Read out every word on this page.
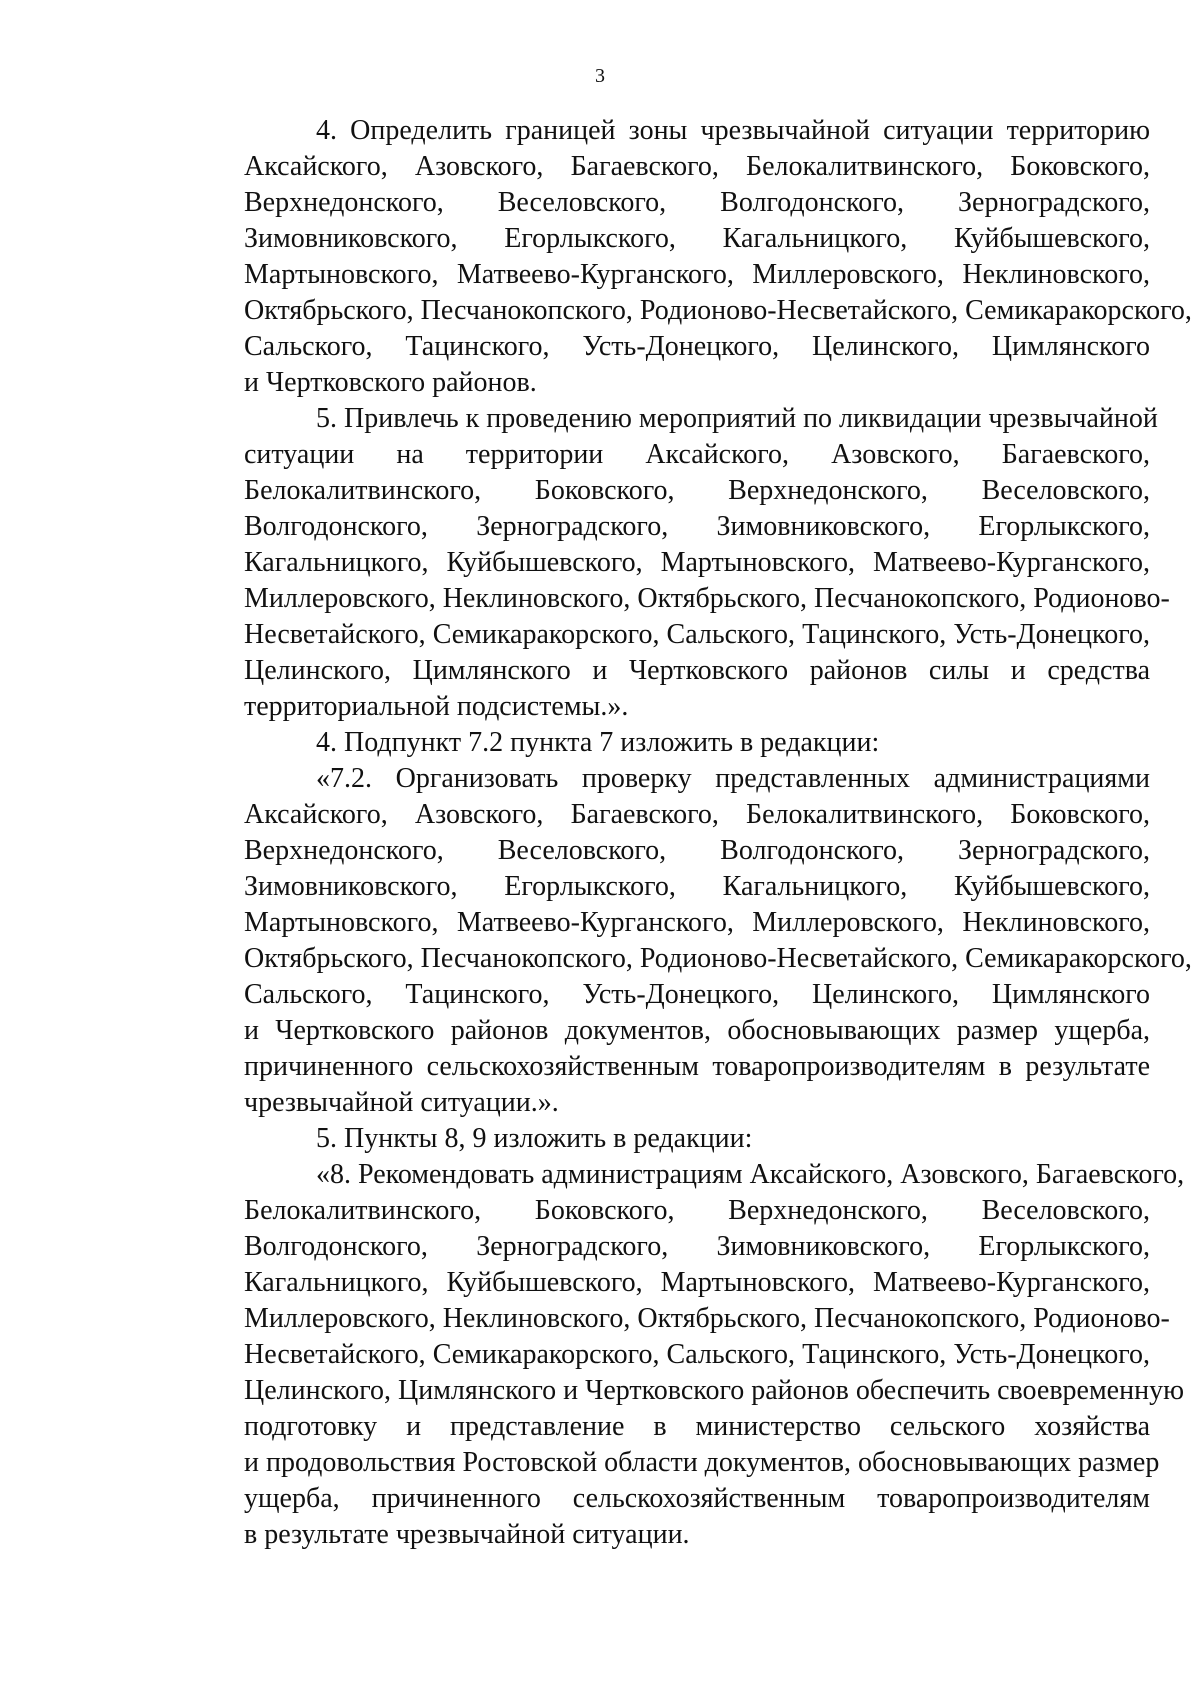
3
4. Определить границей зоны чрезвычайной ситуации территорию
Аксайского, Азовского, Багаевского, Белокалитвинского, Боковского,
Верхнедонского, Веселовского, Волгодонского, Зерноградского,
Зимовниковского, Егорлыкского, Кагальницкого, Куйбышевского,
Мартыновского, Матвеево-Курганского, Миллеровского, Неклиновского,
Октябрьского, Песчанокопского, Родионово-Несветайского, Семикаракорского,
Сальского, Тацинского, Усть-Донецкого, Целинского, Цимлянского
и Чертковского районов.
5. Привлечь к проведению мероприятий по ликвидации чрезвычайной
ситуации на территории Аксайского, Азовского, Багаевского,
Белокалитвинского, Боковского, Верхнедонского, Веселовского,
Волгодонского, Зерноградского, Зимовниковского, Егорлыкского,
Кагальницкого, Куйбышевского, Мартыновского, Матвеево-Курганского,
Миллеровского, Неклиновского, Октябрьского, Песчанокопского, Родионово-
Несветайского, Семикаракорского, Сальского, Тацинского, Усть-Донецкого,
Целинского, Цимлянского и Чертковского районов силы и средства
территориальной подсистемы.».
4. Подпункт 7.2 пункта 7 изложить в редакции:
«7.2. Организовать проверку представленных администрациями
Аксайского, Азовского, Багаевского, Белокалитвинского, Боковского,
Верхнедонского, Веселовского, Волгодонского, Зерноградского,
Зимовниковского, Егорлыкского, Кагальницкого, Куйбышевского,
Мартыновского, Матвеево-Курганского, Миллеровского, Неклиновского,
Октябрьского, Песчанокопского, Родионово-Несветайского, Семикаракорского,
Сальского, Тацинского, Усть-Донецкого, Целинского, Цимлянского
и Чертковского районов документов, обосновывающих размер ущерба,
причиненного сельскохозяйственным товаропроизводителям в результате
чрезвычайной ситуации.».
5. Пункты 8, 9 изложить в редакции:
«8. Рекомендовать администрациям Аксайского, Азовского, Багаевского,
Белокалитвинского, Боковского, Верхнедонского, Веселовского,
Волгодонского, Зерноградского, Зимовниковского, Егорлыкского,
Кагальницкого, Куйбышевского, Мартыновского, Матвеево-Курганского,
Миллеровского, Неклиновского, Октябрьского, Песчанокопского, Родионово-
Несветайского, Семикаракорского, Сальского, Тацинского, Усть-Донецкого,
Целинского, Цимлянского и Чертковского районов обеспечить своевременную
подготовку и представление в министерство сельского хозяйства
и продовольствия Ростовской области документов, обосновывающих размер
ущерба, причиненного сельскохозяйственным товаропроизводителям
в результате чрезвычайной ситуации.
